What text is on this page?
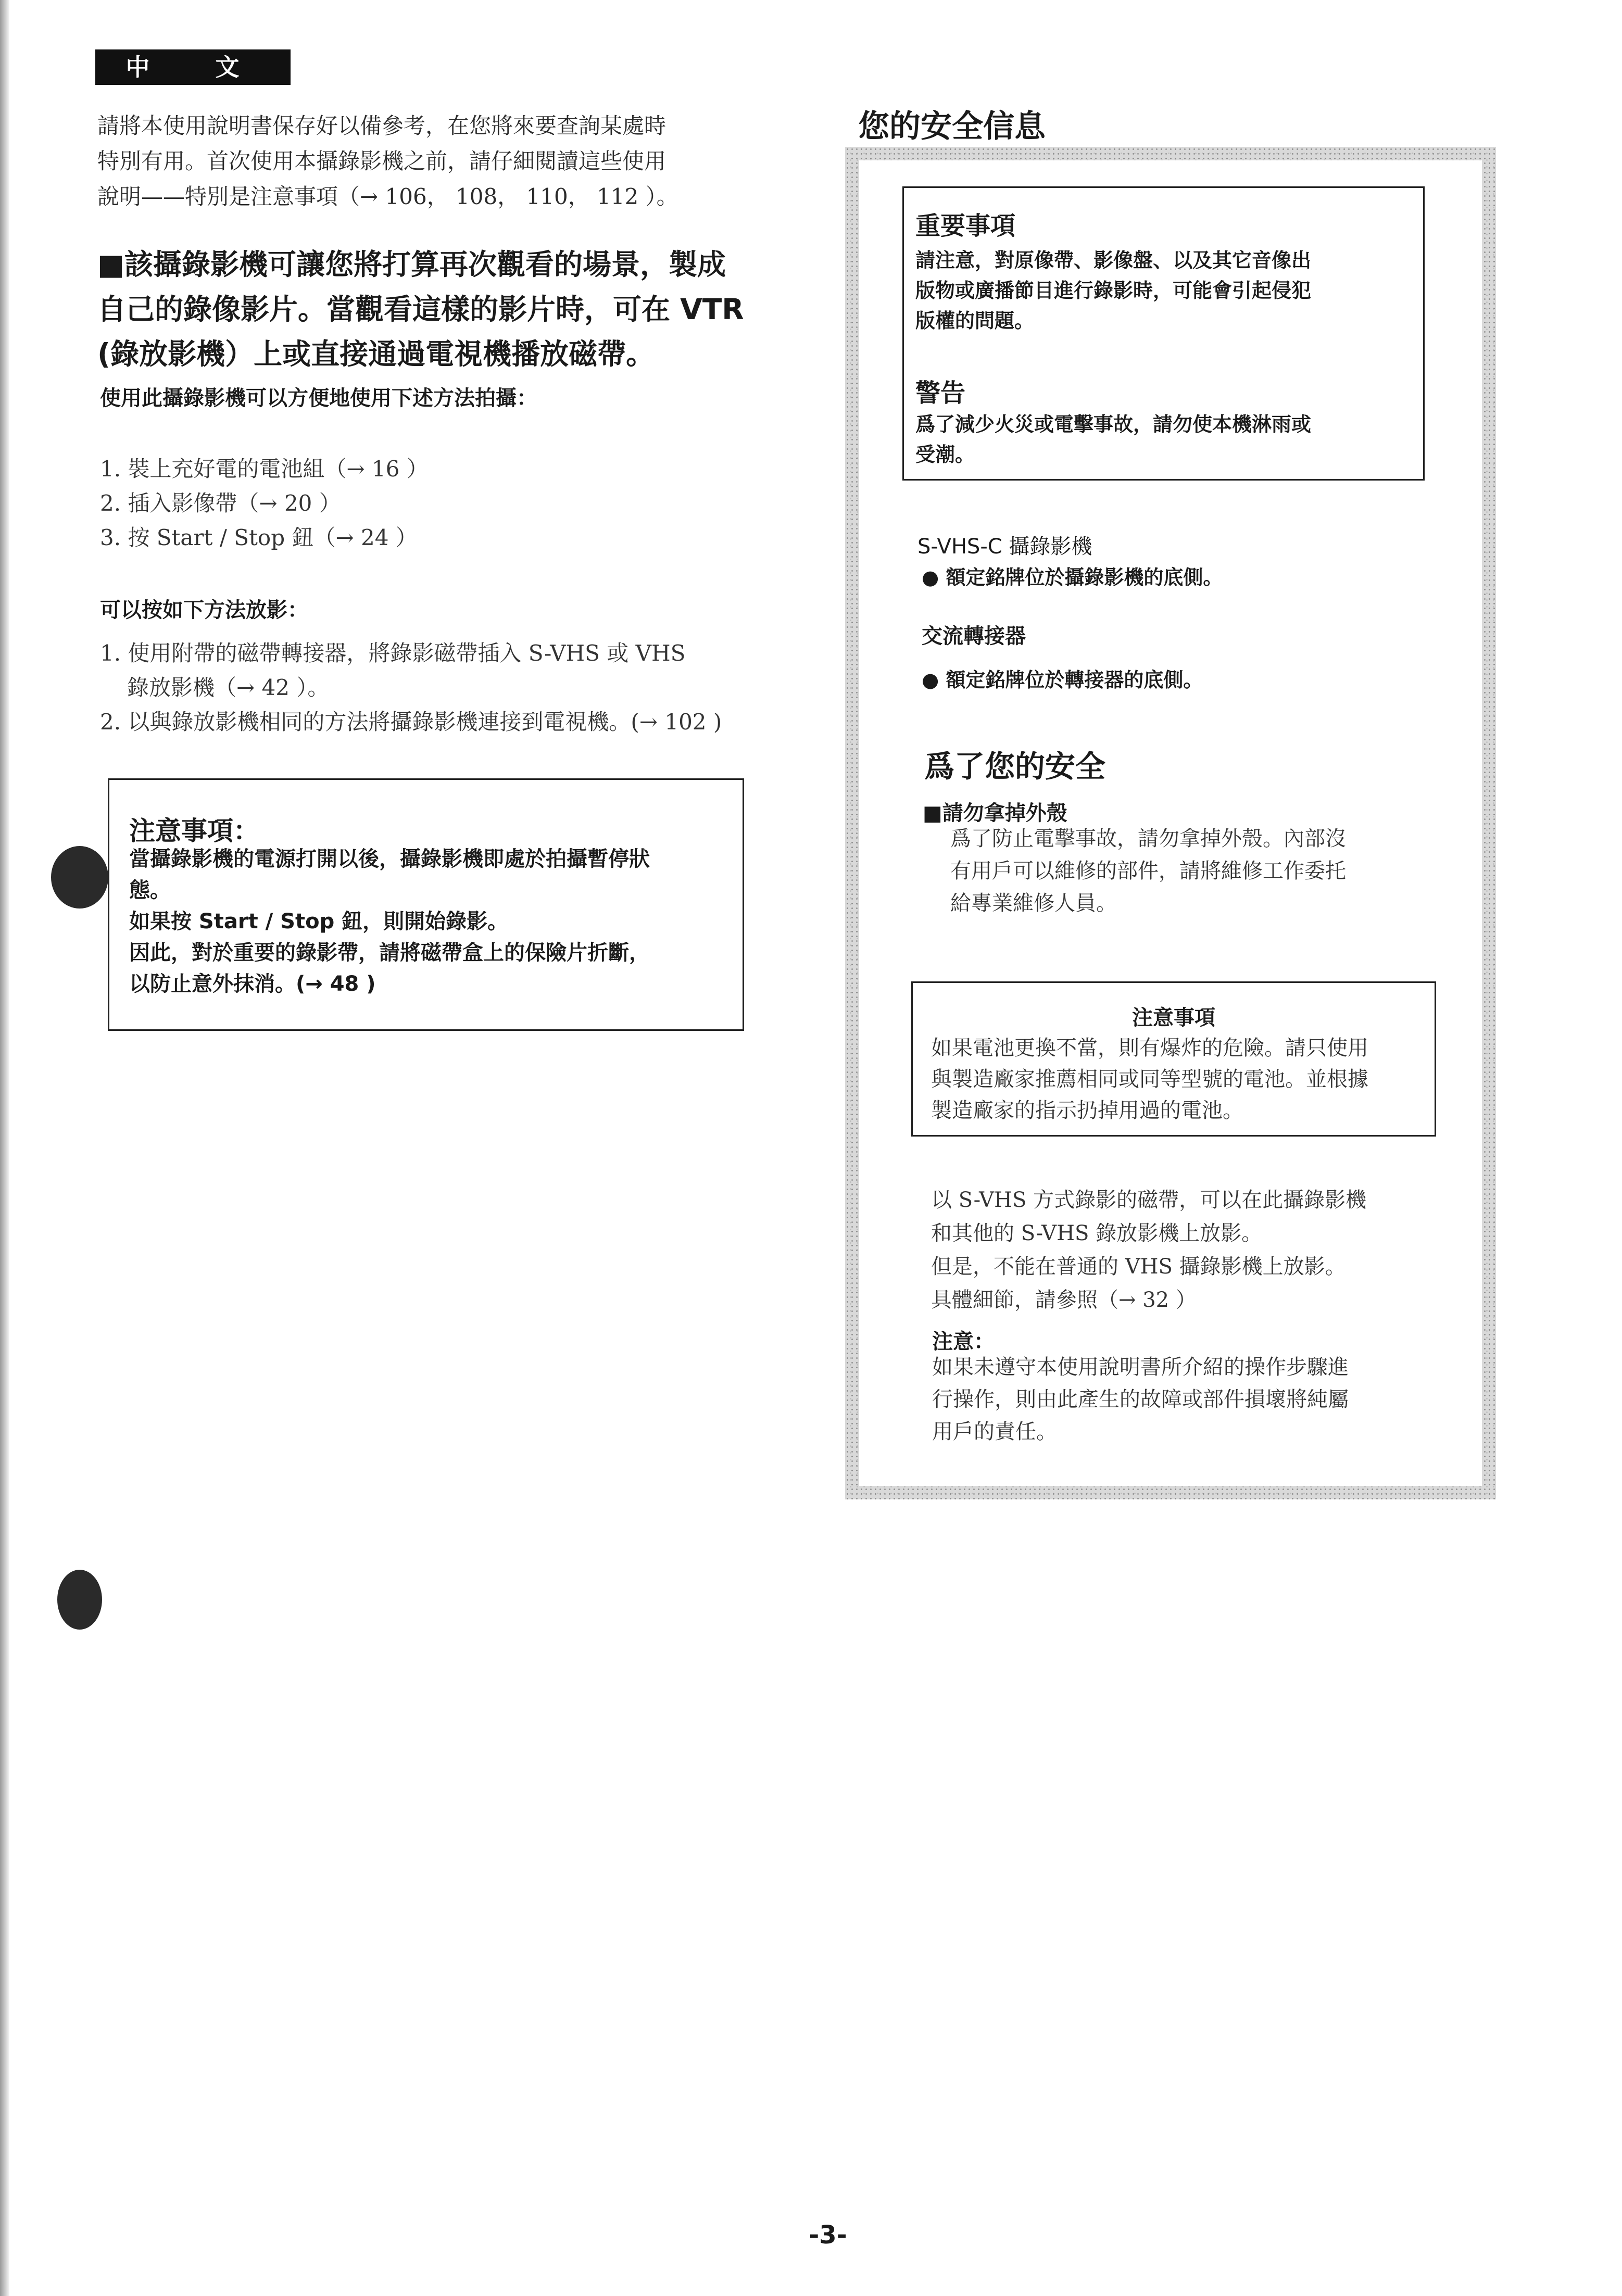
中　文
請將本使用說明書保存好以備參考，在您將來要查詢某處時
特別有用。首次使用本攝錄影機之前，請仔細閱讀這些使用
說明——特別是注意事項（→ 106， 108， 110， 112 ）。
■該攝錄影機可讓您將打算再次觀看的場景，製成
自己的錄像影片。當觀看這樣的影片時，可在 VTR
(錄放影機）上或直接通過電視機播放磁帶。
使用此攝錄影機可以方便地使用下述方法拍攝：
1. 裝上充好電的電池組（→ 16 ）
2. 插入影像帶（→ 20 ）
3. 按 Start / Stop 鈕（→ 24 ）
可以按如下方法放影：
1. 使用附帶的磁帶轉接器，將錄影磁帶插入 S-VHS 或 VHS
錄放影機（→ 42 ）。
2. 以與錄放影機相同的方法將攝錄影機連接到電視機。(→ 102 )
注意事項：
當攝錄影機的電源打開以後，攝錄影機即處於拍攝暫停狀
態。
如果按 Start / Stop 鈕，則開始錄影。
因此，對於重要的錄影帶，請將磁帶盒上的保險片折斷，
以防止意外抹消。(→ 48 )
您的安全信息
重要事項
請注意，對原像帶、影像盤、以及其它音像出
版物或廣播節目進行錄影時，可能會引起侵犯
版權的問題。
警告
爲了減少火災或電擊事故，請勿使本機淋雨或
受潮。
S-VHS-C 攝錄影機
● 額定銘牌位於攝錄影機的底側。
交流轉接器
● 額定銘牌位於轉接器的底側。
爲了您的安全
■請勿拿掉外殼
爲了防止電擊事故，請勿拿掉外殼。內部沒
有用戶可以維修的部件，請將維修工作委托
給專業維修人員。
注意事項
如果電池更換不當，則有爆炸的危險。請只使用
與製造廠家推薦相同或同等型號的電池。並根據
製造廠家的指示扔掉用過的電池。
以 S-VHS 方式錄影的磁帶，可以在此攝錄影機
和其他的 S-VHS 錄放影機上放影。
但是，不能在普通的 VHS 攝錄影機上放影。
具體細節，請參照（→ 32 ）
注意：
如果未遵守本使用說明書所介紹的操作步驟進
行操作，則由此產生的故障或部件損壞將純屬
用戶的責任。
-3-
